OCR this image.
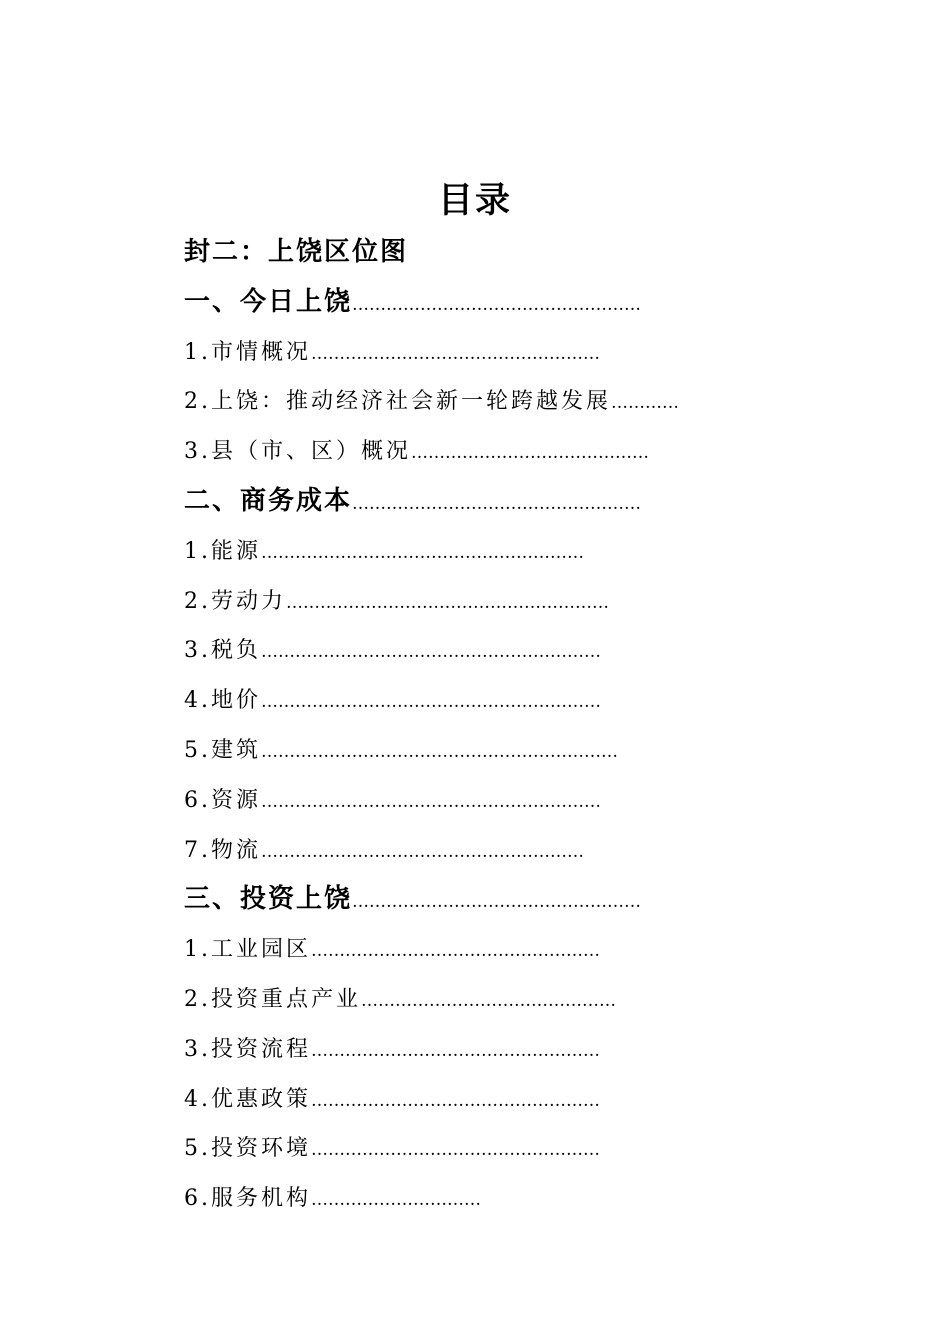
目录
封二：上饶区位图
一、今日上饶……………………………………………
1.市情概况……………………………………………
2.上饶：推动经济社会新一轮跨越发展…………
3.县（市、区）概况……………………………………
二、商务成本……………………………………………
1.能源…………………………………………………
2.劳动力…………………………………………………
3.税负……………………………………………………
4.地价……………………………………………………
5.建筑………………………………………………………
6.资源……………………………………………………
7.物流…………………………………………………
三、投资上饶……………………………………………
1.工业园区……………………………………………
2.投资重点产业………………………………………
3.投资流程……………………………………………
4.优惠政策……………………………………………
5.投资环境……………………………………………
6.服务机构…………………………
